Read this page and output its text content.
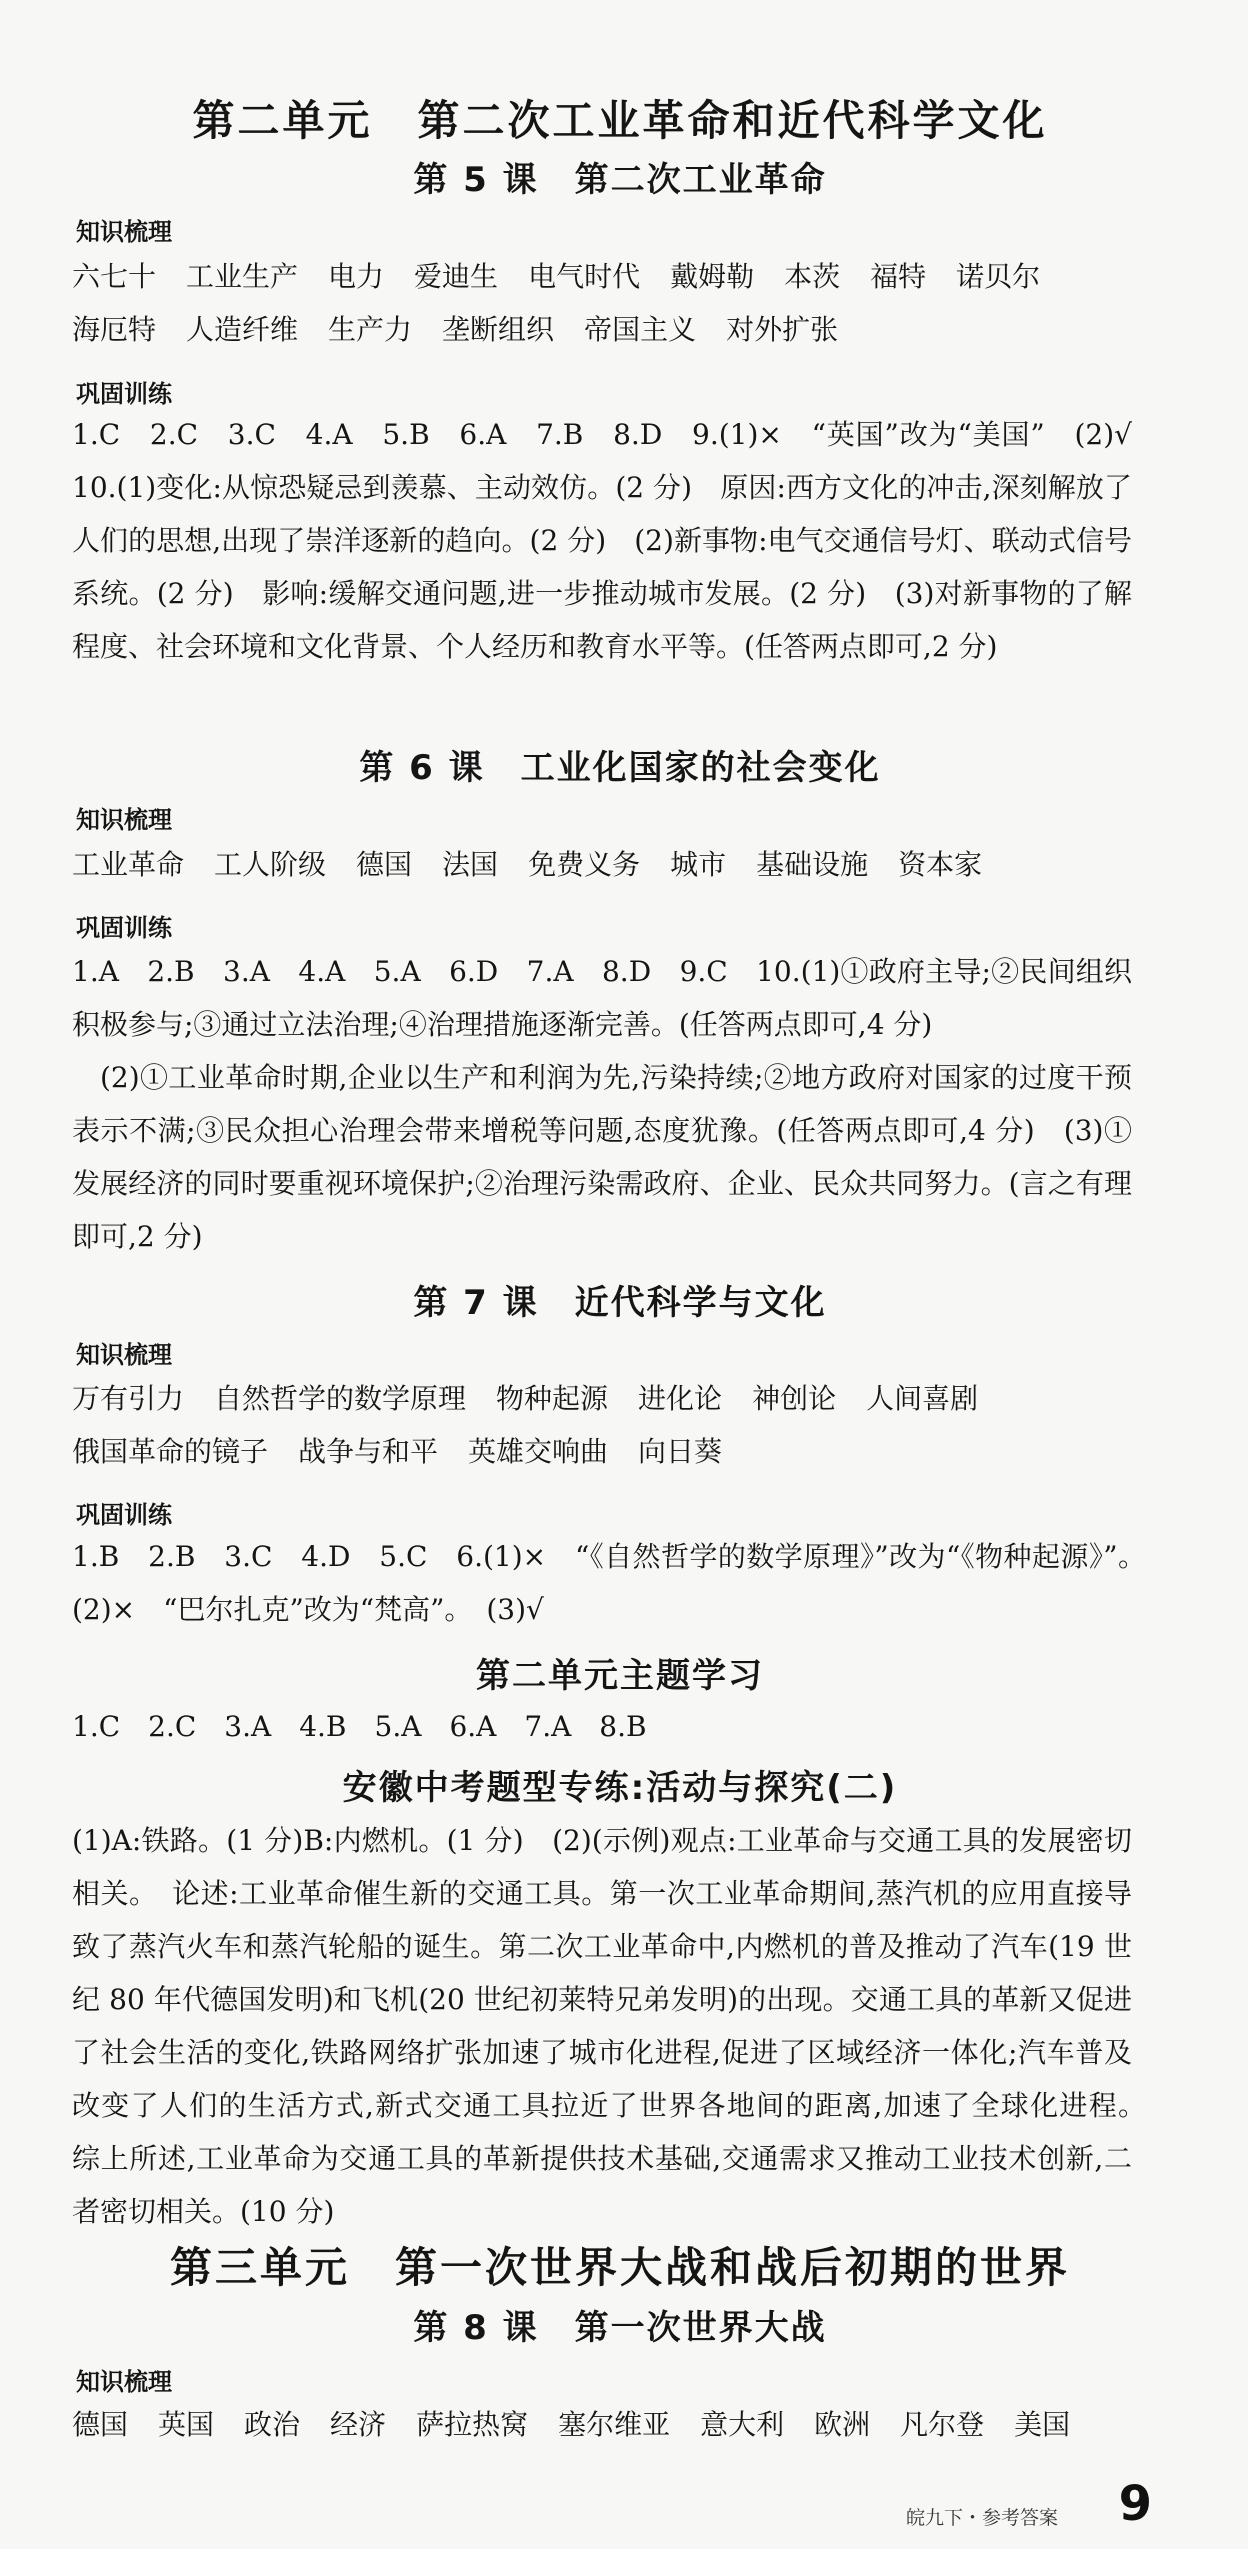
第二单元　第二次工业革命和近代科学文化
第 5 课　第二次工业革命
知识梳理
六七十 工业生产 电力 爱迪生 电气时代 戴姆勒 本茨 福特 诺贝尔
海厄特 人造纤维 生产力 垄断组织 帝国主义 对外扩张
巩固训练
1.C　2.C　3.C　4.A　5.B　6.A　7.B　8.D　9.(1)×　“英国”改为“美国”　(2)√　10.(1)变化:从惊恐疑忌到羡慕、主动效仿。(2 分)　原因:西方文化的冲击,深刻解放了人们的思想,出现了崇洋逐新的趋向。(2 分)　(2)新事物:电气交通信号灯、联动式信号系统。(2 分)　影响:缓解交通问题,进一步推动城市发展。(2 分)　(3)对新事物的了解程度、社会环境和文化背景、个人经历和教育水平等。(任答两点即可,2 分)
第 6 课　工业化国家的社会变化
知识梳理
工业革命 工人阶级 德国 法国 免费义务 城市 基础设施 资本家
巩固训练
1.A　2.B　3.A　4.A　5.A　6.D　7.A　8.D　9.C　10.(1)①政府主导;②民间组织积极参与;③通过立法治理;④治理措施逐渐完善。(任答两点即可,4 分)
(2)①工业革命时期,企业以生产和利润为先,污染持续;②地方政府对国家的过度干预表示不满;③民众担心治理会带来增税等问题,态度犹豫。(任答两点即可,4 分)　(3)①发展经济的同时要重视环境保护;②治理污染需政府、企业、民众共同努力。(言之有理即可,2 分)
第 7 课　近代科学与文化
知识梳理
万有引力 自然哲学的数学原理 物种起源 进化论 神创论 人间喜剧
俄国革命的镜子 战争与和平 英雄交响曲 向日葵
巩固训练
1.B　2.B　3.C　4.D　5.C　6.(1)×　“《自然哲学的数学原理》”改为“《物种起源》”。　(2)×　“巴尔扎克”改为“梵高”。　(3)√
第二单元主题学习
1.C　2.C　3.A　4.B　5.A　6.A　7.A　8.B
安徽中考题型专练:活动与探究(二)
(1)A:铁路。(1 分)B:内燃机。(1 分)　(2)(示例)观点:工业革命与交通工具的发展密切相关。　论述:工业革命催生新的交通工具。第一次工业革命期间,蒸汽机的应用直接导致了蒸汽火车和蒸汽轮船的诞生。第二次工业革命中,内燃机的普及推动了汽车(19 世纪 80 年代德国发明)和飞机(20 世纪初莱特兄弟发明)的出现。交通工具的革新又促进了社会生活的变化,铁路网络扩张加速了城市化进程,促进了区域经济一体化;汽车普及改变了人们的生活方式,新式交通工具拉近了世界各地间的距离,加速了全球化进程。　综上所述,工业革命为交通工具的革新提供技术基础,交通需求又推动工业技术创新,二者密切相关。(10 分)
第三单元　第一次世界大战和战后初期的世界
第 8 课　第一次世界大战
知识梳理
德国 英国 政治 经济 萨拉热窝 塞尔维亚 意大利 欧洲 凡尔登 美国
皖九下・参考答案 9
